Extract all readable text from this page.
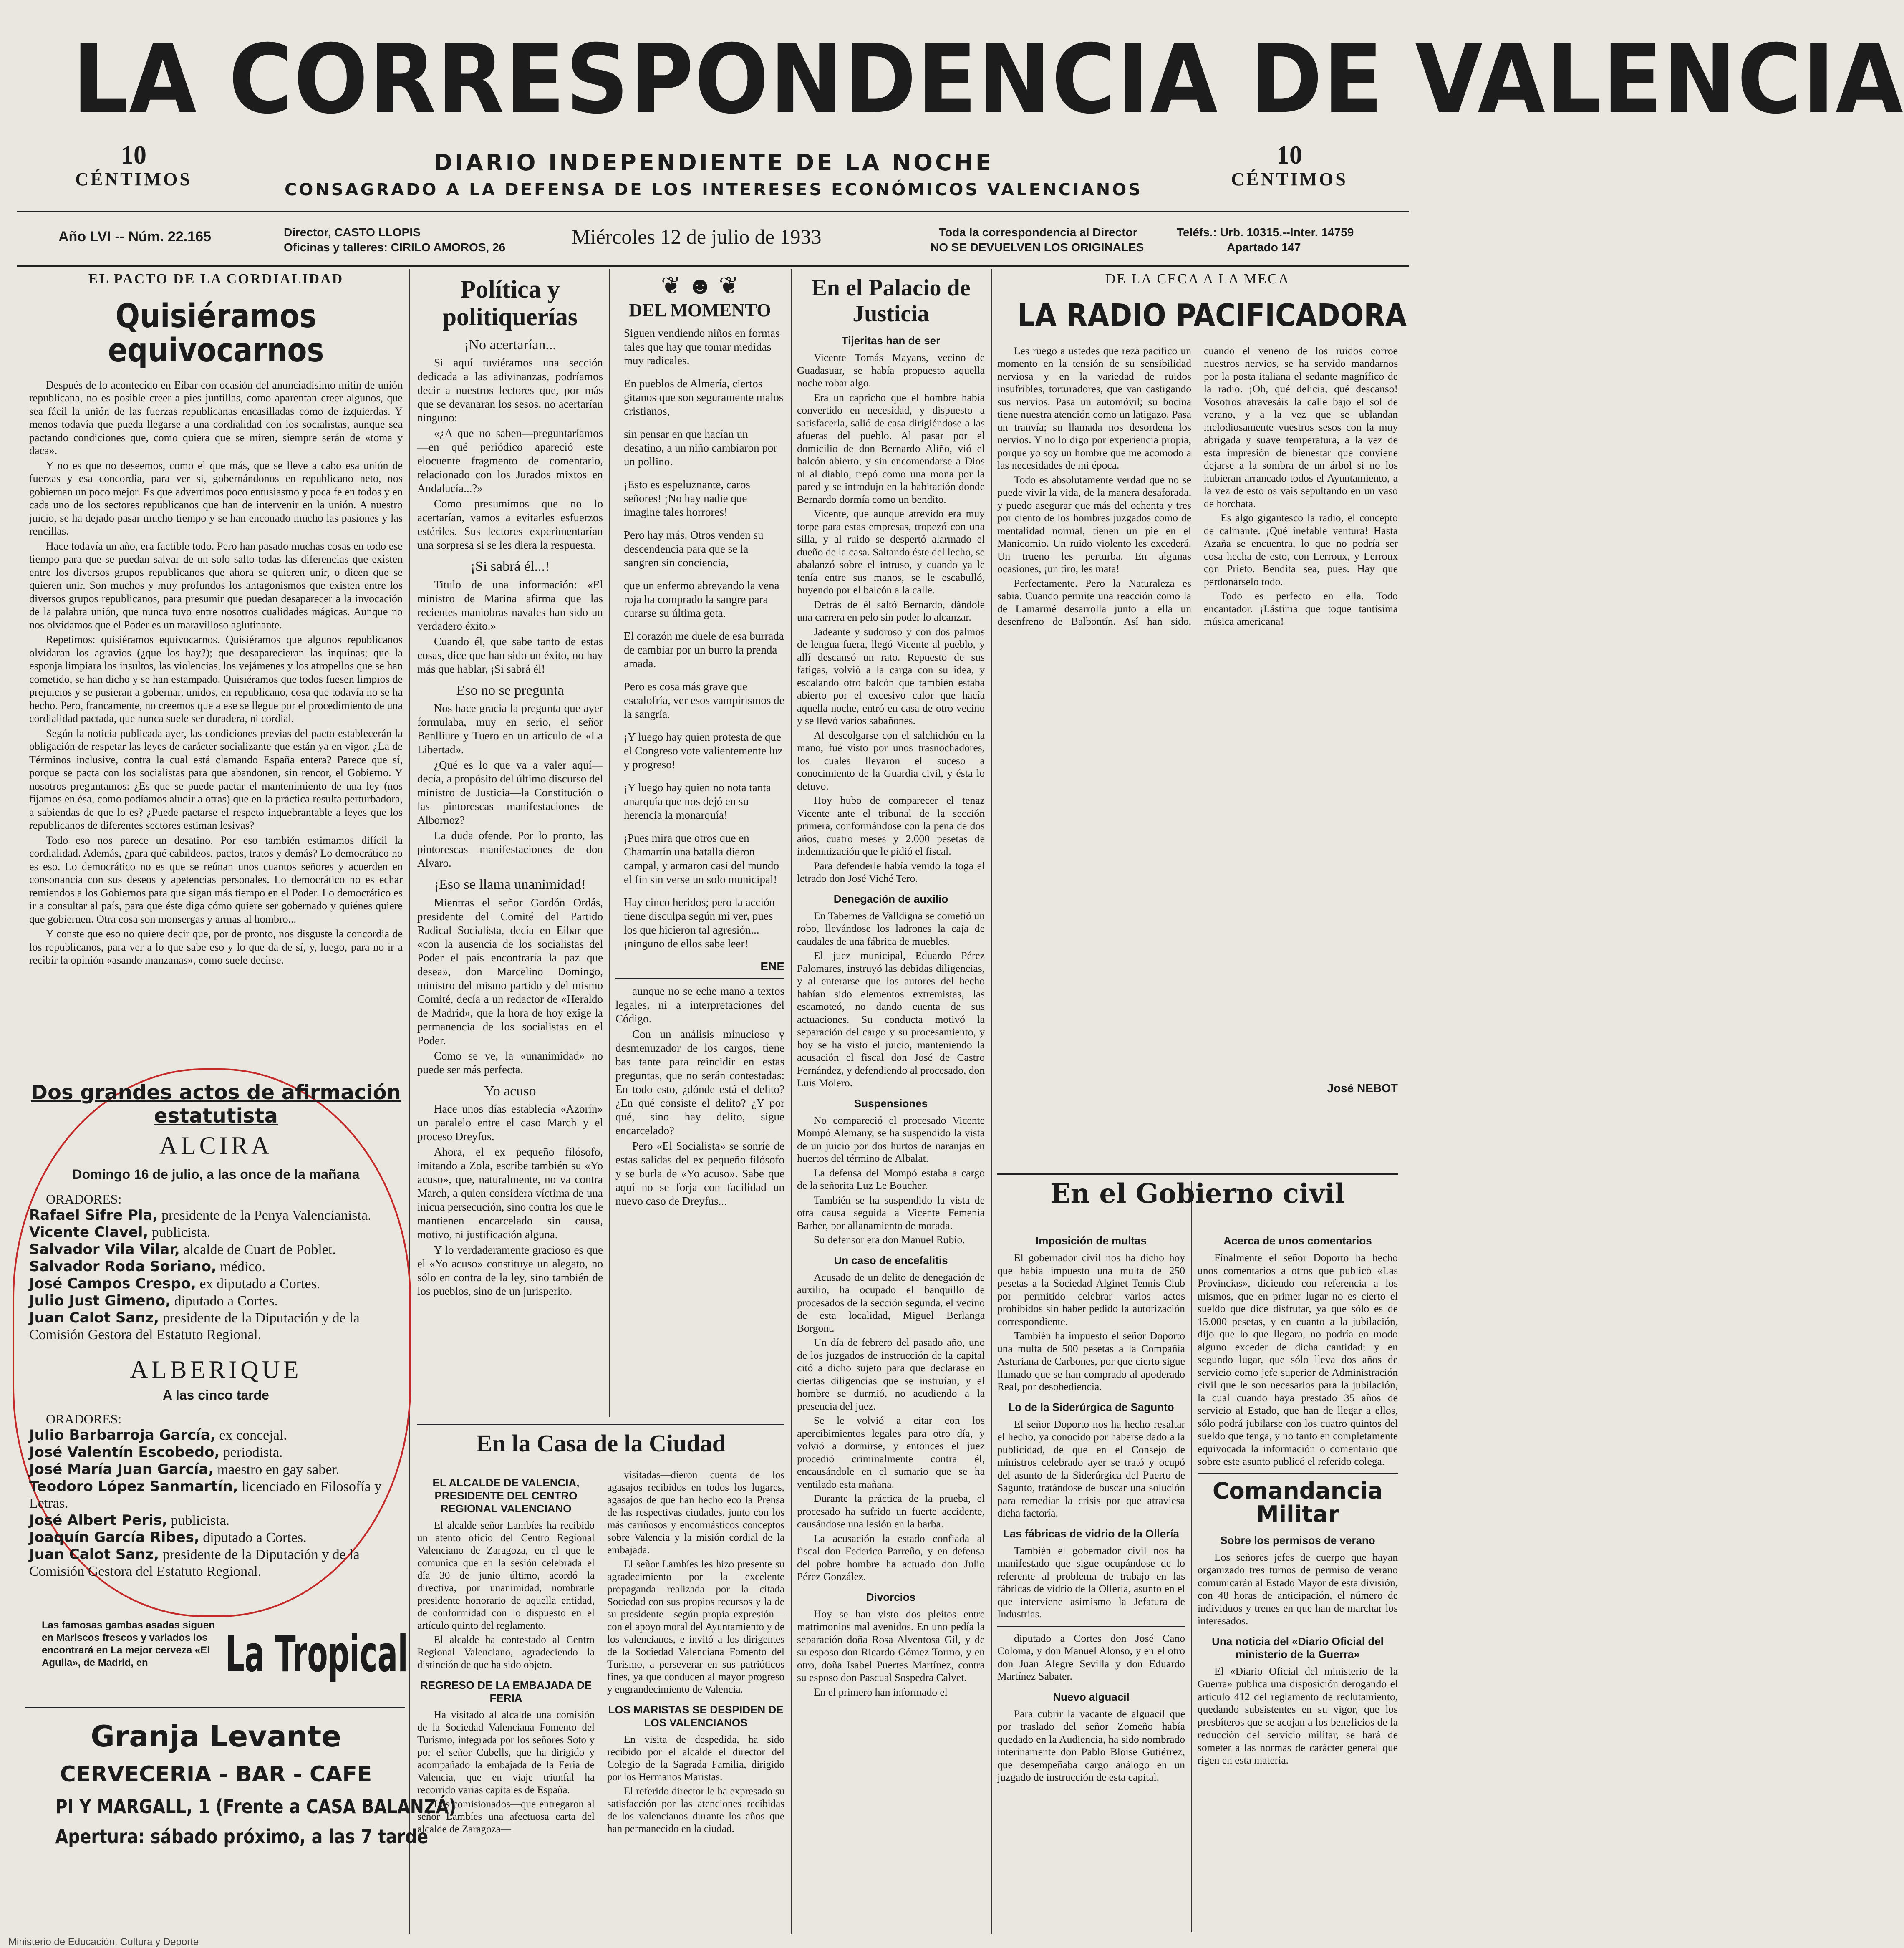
LA CORRESPONDENCIA DE VALENCIA
10
CÉNTIMOS
10
CÉNTIMOS
DIARIO INDEPENDIENTE DE LA NOCHE
CONSAGRADO A LA DEFENSA DE LOS INTERESES ECONÓMICOS VALENCIANOS
Año LVI -- Núm. 22.165	Director, CASTO LLOPIS
Oficinas y talleres: CIRILO AMOROS, 26	Miércoles 12 de julio de 1933	Toda la correspondencia al Director
NO SE DEVUELVEN LOS ORIGINALES
Teléfs.: Urb. 10315.--Inter. 14759
Apartado 147
EL PACTO DE LA CORDIALIDAD
Quisiéramos equivocarnos

Después de lo acontecido en Eibar con ocasión del anunciadísimo mitin de unión republicana, no es posible creer a pies juntillas, como aparentan creer algunos, que sea fácil la unión de las fuerzas republicanas encasilladas como de izquierdas. Y menos todavía que pueda llegarse a una cordialidad con los socialistas, aunque sea pactando condiciones que, como quiera que se miren, siempre serán de «toma y daca».

Y no es que no deseemos, como el que más, que se lleve a cabo esa unión de fuerzas y esa concordia, para ver si, gobernándonos en republicano neto, nos gobiernan un poco mejor. Es que advertimos poco entusiasmo y poca fe en todos y en cada uno de los sectores republicanos que han de intervenir en la unión. A nuestro juicio, se ha dejado pasar mucho tiempo y se han enconado mucho las pasiones y las rencillas.

Hace todavía un año, era factible todo. Pero han pasado muchas cosas en todo ese tiempo para que se puedan salvar de un solo salto todas las diferencias que existen entre los diversos grupos republicanos que ahora se quieren unir, o dicen que se quieren unir. Son muchos y muy profundos los antagonismos que existen entre los diversos grupos republicanos, para presumir que puedan desaparecer a la invocación de la palabra unión, que nunca tuvo entre nosotros cualidades mágicas. Aunque no nos olvidamos que el Poder es un maravilloso aglutinante.

Repetimos: quisiéramos equivocarnos. Quisiéramos que algunos republicanos olvidaran los agravios (¿que los hay?); que desaparecieran las inquinas; que la esponja limpiara los insultos, las violencias, los vejámenes y los atropellos que se han cometido, se han dicho y se han estampado. Quisiéramos que todos fuesen limpios de prejuicios y se pusieran a gobernar, unidos, en republicano, cosa que todavía no se ha hecho. Pero, francamente, no creemos que a ese se llegue por el procedimiento de una cordialidad pactada, que nunca suele ser duradera, ni cordial.

Según la noticia publicada ayer, las condiciones previas del pacto establecerán la obligación de respetar las leyes de carácter socializante que están ya en vigor. ¿La de Términos inclusive, contra la cual está clamando España entera? Parece que sí, porque se pacta con los socialistas para que abandonen, sin rencor, el Gobierno. Y nosotros preguntamos: ¿Es que se puede pactar el mantenimiento de una ley (nos fijamos en ésa, como podíamos aludir a otras) que en la práctica resulta perturbadora, a sabiendas de que lo es? ¿Puede pactarse el respeto inquebrantable a leyes que los republicanos de diferentes sectores estiman lesivas?

Todo eso nos parece un desatino. Por eso también estimamos difícil la cordialidad. Además, ¿para qué cabildeos, pactos, tratos y demás? Lo democrático no es eso. Lo democrático no es que se reúnan unos cuantos señores y acuerden en consonancia con sus deseos y apetencias personales. Lo democrático no es echar remiendos a los Gobiernos para que sigan más tiempo en el Poder. Lo democrático es ir a consultar al país, para que éste diga cómo quiere ser gobernado y quiénes quiere que gobiernen. Otra cosa son monsergas y armas al hombro...

Y conste que eso no quiere decir que, por de pronto, nos disguste la concordia de los republicanos, para ver a lo que sabe eso y lo que da de sí, y, luego, para no ir a recibir la opinión «asando manzanas», como suele decirse.

Dos grandes actos de afirmación estatutista
ALCIRA
Domingo 16 de julio, a las once de la mañana
ORADORES:
Rafael Sifre Pla, presidente de la Penya Valencianista.
Vicente Clavel, publicista.
Salvador Vila Vilar, alcalde de Cuart de Poblet.
Salvador Roda Soriano, médico.
José Campos Crespo, ex diputado a Cortes.
Julio Just Gimeno, diputado a Cortes.
Juan Calot Sanz, presidente de la Diputación y de la Comisión Gestora del Estatuto Regional.
ALBERIQUE
A las cinco tarde
ORADORES:
Julio Barbarroja García, ex concejal.
José Valentín Escobedo, periodista.
José María Juan García, maestro en gay saber.
Teodoro López Sanmartín, licenciado en Filosofía y Letras.
José Albert Peris, publicista.
Joaquín García Ribes, diputado a Cortes.
Juan Calot Sanz, presidente de la Diputación y de la Comisión Gestora del Estatuto Regional.
Las famosas gambas asadas siguen en Mariscos frescos y variados los encontrará en La mejor cerveza «El Aguila», de Madrid, en	La Tropical
Granja Levante
CERVECERIA - BAR - CAFE
PI Y MARGALL, 1 (Frente a CASA BALANZÁ)
Apertura: sábado próximo, a las 7 tarde
Política y politiquerías
¡No acertarían...

Si aquí tuviéramos una sección dedicada a las adivinanzas, podríamos decir a nuestros lectores que, por más que se devanaran los sesos, no acertarían ninguno:

«¿A que no saben—preguntaríamos—en qué periódico apareció este elocuente fragmento de comentario, relacionado con los Jurados mixtos en Andalucía...?»

Como presumimos que no lo acertarían, vamos a evitarles esfuerzos estériles. Sus lectores experimentarían una sorpresa si se les diera la respuesta.

¡Si sabrá él...!

Titulo de una información: «El ministro de Marina afirma que las recientes maniobras navales han sido un verdadero éxito.»

Cuando él, que sabe tanto de estas cosas, dice que han sido un éxito, no hay más que hablar, ¡Si sabrá él!

Eso no se pregunta

Nos hace gracia la pregunta que ayer formulaba, muy en serio, el señor Benlliure y Tuero en un artículo de «La Libertad».

¿Qué es lo que va a valer aquí—decía, a propósito del último discurso del ministro de Justicia—la Constitución o las pintorescas manifestaciones de Albornoz?

La duda ofende. Por lo pronto, las pintorescas manifestaciones de don Alvaro.

¡Eso se llama unanimidad!

Mientras el señor Gordón Ordás, presidente del Comité del Partido Radical Socialista, decía en Eibar que «con la ausencia de los socialistas del Poder el país encontraría la paz que desea», don Marcelino Domingo, ministro del mismo partido y del mismo Comité, decía a un redactor de «Heraldo de Madrid», que la hora de hoy exige la permanencia de los socialistas en el Poder.

Como se ve, la «unanimidad» no puede ser más perfecta.

Yo acuso

Hace unos días establecía «Azorín» un paralelo entre el caso March y el proceso Dreyfus.

Ahora, el ex pequeño filósofo, imitando a Zola, escribe también su «Yo acuso», que, naturalmente, no va contra March, a quien considera víctima de una inicua persecución, sino contra los que le mantienen encarcelado sin causa, motivo, ni justificación alguna.

Y lo verdaderamente gracioso es que el «Yo acuso» constituye un alegato, no sólo en contra de la ley, sino también de los pueblos, sino de un jurisperito.

❦ ☻ ❦
DEL MOMENTO

Siguen vendiendo niños en formas tales que hay que tomar medidas muy radicales.

En pueblos de Almería, ciertos gitanos que son seguramente malos cristianos,

sin pensar en que hacían un desatino, a un niño cambiaron por un pollino.

¡Esto es espeluznante, caros señores! ¡No hay nadie que imagine tales horrores!

Pero hay más. Otros venden su descendencia para que se la sangren sin conciencia,

que un enfermo abrevando la vena roja ha comprado la sangre para curarse su última gota.

El corazón me duele de esa burrada de cambiar por un burro la prenda amada.

Pero es cosa más grave que escalofría, ver esos vampirismos de la sangría.

¡Y luego hay quien protesta de que el Congreso vote valientemente luz y progreso!

¡Y luego hay quien no nota tanta anarquía que nos dejó en su herencia la monarquía!

¡Pues mira que otros que en Chamartín una batalla dieron campal, y armaron casi del mundo el fin sin verse un solo municipal!

Hay cinco heridos; pero la acción tiene disculpa según mi ver, pues los que hicieron tal agresión... ¡ninguno de ellos sabe leer!

ENE

aunque no se eche mano a textos legales, ni a interpretaciones del Código.

Con un análisis minucioso y desmenuzador de los cargos, tiene bas tante para reincidir en estas preguntas, que no serán contestadas: En todo esto, ¿dónde está el delito? ¿En qué consiste el delito? ¿Y por qué, sino hay delito, sigue encarcelado?

Pero «El Socialista» se sonríe de estas salidas del ex pequeño filósofo y se burla de «Yo acuso». Sabe que aquí no se forja con facilidad un nuevo caso de Dreyfus...

En la Casa de la Ciudad
EL ALCALDE DE VALENCIA, PRESIDENTE DEL CENTRO REGIONAL VALENCIANO

El alcalde señor Lambíes ha recibido un atento oficio del Centro Regional Valenciano de Zaragoza, en el que le comunica que en la sesión celebrada el día 30 de junio último, acordó la directiva, por unanimidad, nombrarle presidente honorario de aquella entidad, de conformidad con lo dispuesto en el artículo quinto del reglamento.

El alcalde ha contestado al Centro Regional Valenciano, agradeciendo la distinción de que ha sido objeto.

REGRESO DE LA EMBAJADA DE FERIA

Ha visitado al alcalde una comisión de la Sociedad Valenciana Fomento del Turismo, integrada por los señores Soto y por el señor Cubells, que ha dirigido y acompañado la embajada de la Feria de Valencia, que en viaje triunfal ha recorrido varias capitales de España.

Los comisionados—que entregaron al señor Lambíes una afectuosa carta del alcalde de Zaragoza—

visitadas—dieron cuenta de los agasajos recibidos en todos los lugares, agasajos de que han hecho eco la Prensa de las respectivas ciudades, junto con los más cariñosos y encomiásticos conceptos sobre Valencia y la misión cordial de la embajada.

El señor Lambíes les hizo presente su agradecimiento por la excelente propaganda realizada por la citada Sociedad con sus propios recursos y la de su presidente—según propia expresión—con el apoyo moral del Ayuntamiento y de los valencianos, e invitó a los dirigentes de la Sociedad Valenciana Fomento del Turismo, a perseverar en sus patrióticos fines, ya que conducen al mayor progreso y engrandecimiento de Valencia.

LOS MARISTAS SE DESPIDEN DE LOS VALENCIANOS

En visita de despedida, ha sido recibido por el alcalde el director del Colegio de la Sagrada Familia, dirigido por los Hermanos Maristas.

El referido director le ha expresado su satisfacción por las atenciones recibidas de los valencianos durante los años que han permanecido en la ciudad.

En el Palacio de Justicia
Tijeritas han de ser

Vicente Tomás Mayans, vecino de Guadasuar, se había propuesto aquella noche robar algo.

Era un capricho que el hombre había convertido en necesidad, y dispuesto a satisfacerla, salió de casa dirigiéndose a las afueras del pueblo. Al pasar por el domicilio de don Bernardo Aliño, vió el balcón abierto, y sin encomendarse a Dios ni al diablo, trepó como una mona por la pared y se introdujo en la habitación donde Bernardo dormía como un bendito.

Vicente, que aunque atrevido era muy torpe para estas empresas, tropezó con una silla, y al ruido se despertó alarmado el dueño de la casa. Saltando éste del lecho, se abalanzó sobre el intruso, y cuando ya le tenía entre sus manos, se le escabulló, huyendo por el balcón a la calle.

Detrás de él saltó Bernardo, dándole una carrera en pelo sin poder lo alcanzar.

Jadeante y sudoroso y con dos palmos de lengua fuera, llegó Vicente al pueblo, y allí descansó un rato. Repuesto de sus fatigas, volvió a la carga con su idea, y escalando otro balcón que también estaba abierto por el excesivo calor que hacía aquella noche, entró en casa de otro vecino y se llevó varios sabañones.

Al descolgarse con el salchichón en la mano, fué visto por unos trasnochadores, los cuales llevaron el suceso a conocimiento de la Guardia civil, y ésta lo detuvo.

Hoy hubo de comparecer el tenaz Vicente ante el tribunal de la sección primera, conformándose con la pena de dos años, cuatro meses y 2.000 pesetas de indemnización que le pidió el fiscal.

Para defenderle había venido la toga el letrado don José Viché Tero.

Denegación de auxilio

En Tabernes de Valldigna se cometió un robo, llevándose los ladrones la caja de caudales de una fábrica de muebles.

El juez municipal, Eduardo Pérez Palomares, instruyó las debidas diligencias, y al enterarse que los autores del hecho habían sido elementos extremistas, las escamoteó, no dando cuenta de sus actuaciones. Su conducta motivó la separación del cargo y su procesamiento, y hoy se ha visto el juicio, manteniendo la acusación el fiscal don José de Castro Fernández, y defendiendo al procesado, don Luis Molero.

Suspensiones

No compareció el procesado Vicente Mompó Alemany, se ha suspendido la vista de un juicio por dos hurtos de naranjas en huertos del término de Albalat.

La defensa del Mompó estaba a cargo de la señorita Luz Le Boucher.

También se ha suspendido la vista de otra causa seguida a Vicente Femenía Barber, por allanamiento de morada.

Su defensor era don Manuel Rubio.

Un caso de encefalitis

Acusado de un delito de denegación de auxilio, ha ocupado el banquillo de procesados de la sección segunda, el vecino de esta localidad, Miguel Berlanga Borgont.

Un día de febrero del pasado año, uno de los juzgados de instrucción de la capital citó a dicho sujeto para que declarase en ciertas diligencias que se instruían, y el hombre se durmió, no acudiendo a la presencia del juez.

Se le volvió a citar con los apercibimientos legales para otro día, y volvió a dormirse, y entonces el juez procedió criminalmente contra él, encausándole en el sumario que se ha ventilado esta mañana.

Durante la práctica de la prueba, el procesado ha sufrido un fuerte accidente, causándose una lesión en la barba.

La acusación la estado confiada al fiscal don Federico Parreño, y en defensa del pobre hombre ha actuado don Julio Pérez González.

Divorcios

Hoy se han visto dos pleitos entre matrimonios mal avenidos. En uno pedía la separación doña Rosa Alventosa Gil, y de su esposo don Ricardo Gómez Tormo, y en otro, doña Isabel Puertes Martínez, contra su esposo don Pascual Sospedra Calvet.

En el primero han informado el

DE LA CECA A LA MECA
LA RADIO PACIFICADORA

Les ruego a ustedes que reza pacifico un momento en la tensión de su sensibilidad nerviosa y en la variedad de ruidos insufribles, torturadores, que van castigando sus nervios. Pasa un automóvil; su bocina tiene nuestra atención como un latigazo. Pasa un tranvía; su llamada nos desordena los nervios. Y no lo digo por experiencia propia, porque yo soy un hombre que me acomodo a las necesidades de mi época.

Todo es absolutamente verdad que no se puede vivir la vida, de la manera desaforada, y puedo asegurar que más del ochenta y tres por ciento de los hombres juzgados como de mentalidad normal, tienen un pie en el Manicomio. Un ruido violento les excederá. Un trueno les perturba. En algunas ocasiones, ¡un tiro, les mata!

Perfectamente. Pero la Naturaleza es sabia. Cuando permite una reacción como la de Lamarmé desarrolla junto a ella un desenfreno de Balbontín. Así han sido, cuando el veneno de los ruidos corroe nuestros nervios, se ha servido mandarnos por la posta italiana el sedante magnífico de la radio. ¡Oh, qué delicia, qué descanso! Vosotros atravesáis la calle bajo el sol de verano, y a la vez que se ublandan melodiosamente vuestros sesos con la muy abrigada y suave temperatura, a la vez de esta impresión de bienestar que conviene dejarse a la sombra de un árbol si no los hubieran arrancado todos el Ayuntamiento, a la vez de esto os vais sepultando en un vaso de horchata.

Es algo gigantesco la radio, el concepto de calmante. ¡Qué inefable ventura! Hasta Azaña se encuentra, lo que no podría ser cosa hecha de esto, con Lerroux, y Lerroux con Prieto. Bendita sea, pues. Hay que perdonárselo todo.

Todo es perfecto en ella. Todo encantador. ¡Lástima que toque tantísima música americana!

José NEBOT
En el Gobierno civil
Imposición de multas

El gobernador civil nos ha dicho hoy que había impuesto una multa de 250 pesetas a la Sociedad Alginet Tennis Club por permitido celebrar varios actos prohibidos sin haber pedido la autorización correspondiente.

También ha impuesto el señor Doporto una multa de 500 pesetas a la Compañía Asturiana de Carbones, por que cierto sigue llamado que se han comprado al apoderado Real, por desobediencia.

Lo de la Siderúrgica de Sagunto

El señor Doporto nos ha hecho resaltar el hecho, ya conocido por haberse dado a la publicidad, de que en el Consejo de ministros celebrado ayer se trató y ocupó del asunto de la Siderúrgica del Puerto de Sagunto, tratándose de buscar una solución para remediar la crisis por que atraviesa dicha factoría.

Las fábricas de vidrio de la Ollería

También el gobernador civil nos ha manifestado que sigue ocupándose de lo referente al problema de trabajo en las fábricas de vidrio de la Ollería, asunto en el que interviene asimismo la Jefatura de Industrias.

diputado a Cortes don José Cano Coloma, y don Manuel Alonso, y en el otro don Juan Alegre Sevilla y don Eduardo Martínez Sabater.

Nuevo alguacil

Para cubrir la vacante de alguacil que por traslado del señor Zomeño había quedado en la Audiencia, ha sido nombrado interinamente don Pablo Bloise Gutiérrez, que desempeñaba cargo análogo en un juzgado de instrucción de esta capital.

Acerca de unos comentarios

Finalmente el señor Doporto ha hecho unos comentarios a otros que publicó «Las Provincias», diciendo con referencia a los mismos, que en primer lugar no es cierto el sueldo que dice disfrutar, ya que sólo es de 15.000 pesetas, y en cuanto a la jubilación, dijo que lo que llegara, no podría en modo alguno exceder de dicha cantidad; y en segundo lugar, que sólo lleva dos años de servicio como jefe superior de Administración civil que le son necesarios para la jubilación, la cual cuando haya prestado 35 años de servicio al Estado, que han de llegar a ellos, sólo podrá jubilarse con los cuatro quintos del sueldo que tenga, y no tanto en completamente equivocada la información o comentario que sobre este asunto publicó el referido colega.

Comandancia Militar
Sobre los permisos de verano

Los señores jefes de cuerpo que hayan organizado tres turnos de permiso de verano comunicarán al Estado Mayor de esta división, con 48 horas de anticipación, el número de individuos y trenes en que han de marchar los interesados.

Una noticia del «Diario Oficial del ministerio de la Guerra»

El «Diario Oficial del ministerio de la Guerra» publica una disposición derogando el artículo 412 del reglamento de reclutamiento, quedando subsistentes en su vigor, que los presbíteros que se acojan a los beneficios de la reducción del servicio militar, se hará de someter a las normas de carácter general que rigen en esta materia.

Ministerio de Educación, Cultura y Deporte
